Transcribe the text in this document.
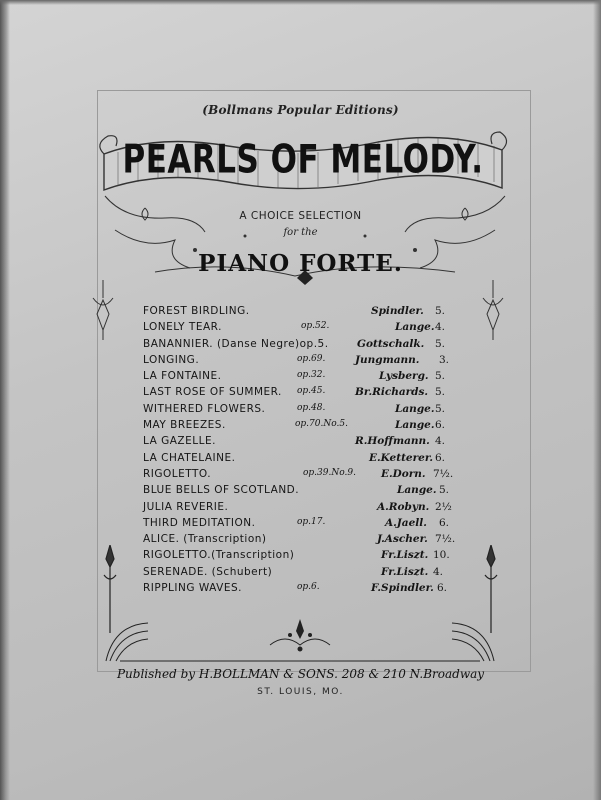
(Bollmans Popular Editions)
PEARLS OF MELODY.
A CHOICE SELECTION
for the
PIANO FORTE.
FOREST BIRDLING.	Spindler. 5.
LONELY TEAR.	op.52.	Lange. 4.
BANANNIER. (Danse Negre)op.5.	Gottschalk. 5.
LONGING.	op.69.	Jungmann. 3.
LA FONTAINE.	op.32.	Lysberg. 5.
LAST ROSE OF SUMMER. op.45.	Br.Richards. 5.
WITHERED FLOWERS.	op.48.	Lange. 5.
MAY BREEZES.	op.70.No.5.	Lange. 6.
LA GAZELLE.	R.Hoffmann. 4.
LA CHATELAINE.	E.Ketterer. 6.
RIGOLETTO.	op.39.No.9. E.Dorn. 7½.
BLUE BELLS OF SCOTLAND.	Lange. 5.
JULIA REVERIE.	A.Robyn. 2½
THIRD MEDITATION.	op.17.	A.Jaell. 6.
ALICE. (Transcription)	J.Ascher. 7½.
RIGOLETTO.(Transcription)	Fr.Liszt. 10.
SERENADE. (Schubert)	Fr.Liszt. 4.
RIPPLING WAVES.	op.6.	F.Spindler. 6.
Published by H.BOLLMAN & SONS. 208 & 210 N.Broadway
ST. LOUIS, MO.
